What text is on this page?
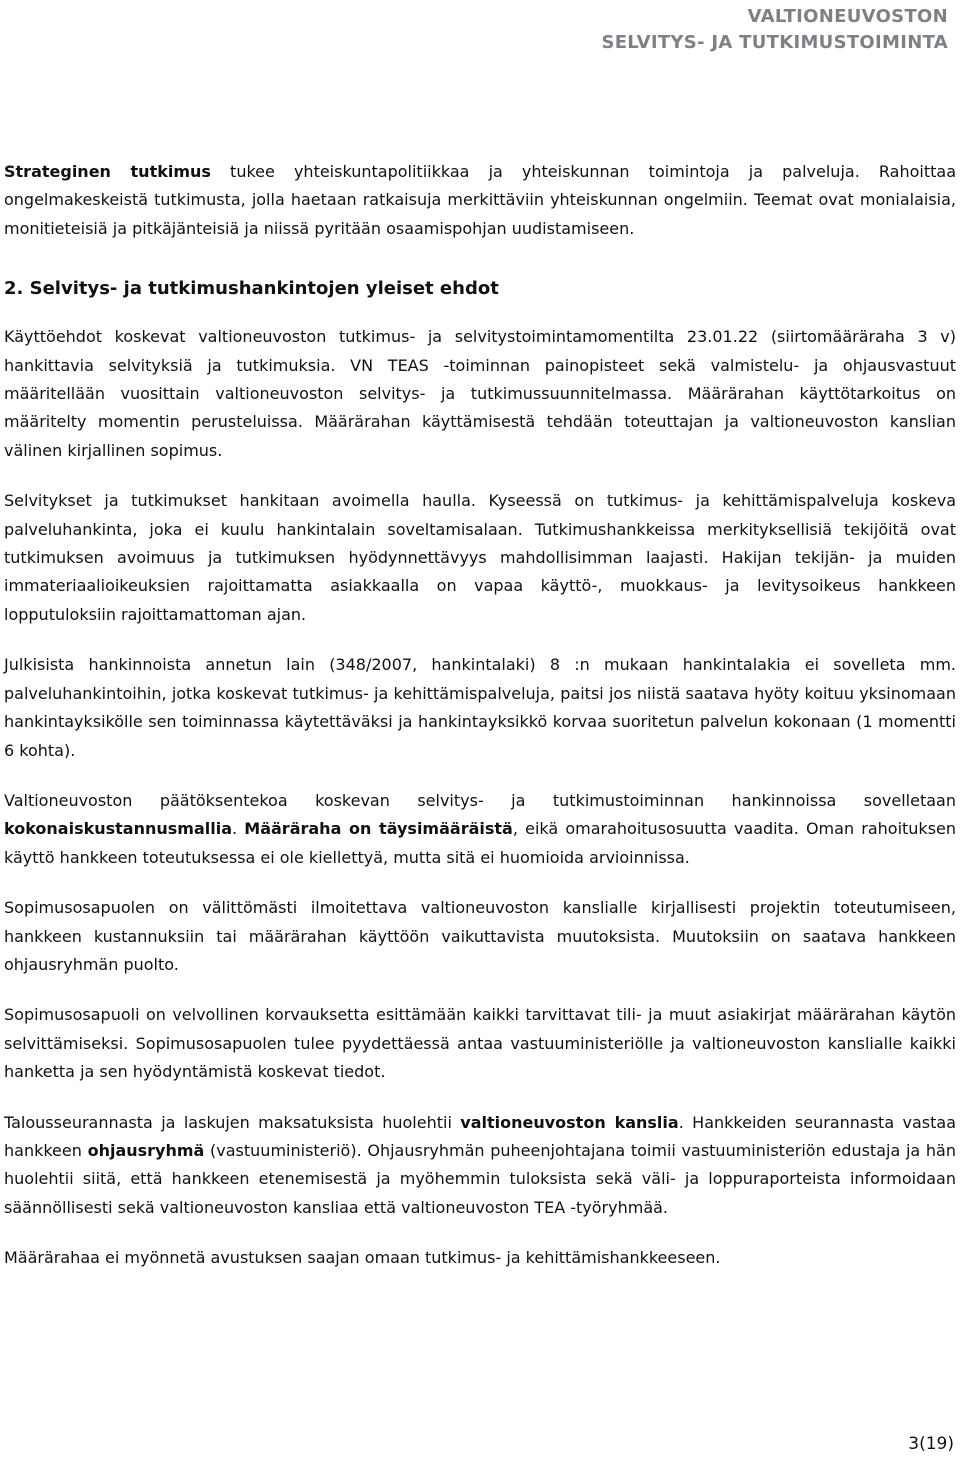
VALTIONEUVOSTON
SELVITYS- JA TUTKIMUSTOIMINTA

Strateginen tutkimus tukee yhteiskuntapolitiikkaa ja yhteiskunnan toimintoja ja palveluja. Rahoittaa ongelmakeskeistä tutkimusta, jolla haetaan ratkaisuja merkittäviin yhteiskunnan ongelmiin. Teemat ovat monialaisia, monitieteisiä ja pitkäjänteisiä ja niissä pyritään osaamispohjan uudistamiseen.

2. Selvitys- ja tutkimushankintojen yleiset ehdot

Käyttöehdot koskevat valtioneuvoston tutkimus- ja selvitystoimintamomentilta 23.01.22 (siirtomääräraha 3 v) hankittavia selvityksiä ja tutkimuksia. VN TEAS -toiminnan painopisteet sekä valmistelu- ja ohjausvastuut määritellään vuosittain valtioneuvoston selvitys- ja tutkimussuunnitelmassa. Määrärahan käyttötarkoitus on määritelty momentin perusteluissa. Määrärahan käyttämisestä tehdään toteuttajan ja valtioneuvoston kanslian välinen kirjallinen sopimus.

Selvitykset ja tutkimukset hankitaan avoimella haulla. Kyseessä on tutkimus- ja kehittämispalveluja koskeva palveluhankinta, joka ei kuulu hankintalain soveltamisalaan. Tutkimushankkeissa merkityksellisiä tekijöitä ovat tutkimuksen avoimuus ja tutkimuksen hyödynnettävyys mahdollisimman laajasti. Hakijan tekijän- ja muiden immateriaalioikeuksien rajoittamatta asiakkaalla on vapaa käyttö-, muokkaus- ja levitysoikeus hankkeen lopputuloksiin rajoittamattoman ajan.

Julkisista hankinnoista annetun lain (348/2007, hankintalaki) 8 :n mukaan hankintalakia ei sovelleta mm. palveluhankintoihin, jotka koskevat tutkimus- ja kehittämispalveluja, paitsi jos niistä saatava hyöty koituu yksinomaan hankintayksikölle sen toiminnassa käytettäväksi ja hankintayksikkö korvaa suoritetun palvelun kokonaan (1 momentti 6 kohta).

Valtioneuvoston päätöksentekoa koskevan selvitys- ja tutkimustoiminnan hankinnoissa sovelletaan kokonaiskustannusmallia. Määräraha on täysimääräistä, eikä omarahoitusosuutta vaadita. Oman rahoituksen käyttö hankkeen toteutuksessa ei ole kiellettyä, mutta sitä ei huomioida arvioinnissa.

Sopimusosapuolen on välittömästi ilmoitettava valtioneuvoston kanslialle kirjallisesti projektin toteutumiseen, hankkeen kustannuksiin tai määrärahan käyttöön vaikuttavista muutoksista. Muutoksiin on saatava hankkeen ohjausryhmän puolto.

Sopimusosapuoli on velvollinen korvauksetta esittämään kaikki tarvittavat tili- ja muut asiakirjat määrärahan käytön selvittämiseksi. Sopimusosapuolen tulee pyydettäessä antaa vastuuministeriölle ja valtioneuvoston kanslialle kaikki hanketta ja sen hyödyntämistä koskevat tiedot.

Talousseurannasta ja laskujen maksatuksista huolehtii valtioneuvoston kanslia. Hankkeiden seurannasta vastaa hankkeen ohjausryhmä (vastuuministeriö). Ohjausryhmän puheenjohtajana toimii vastuuministeriön edustaja ja hän huolehtii siitä, että hankkeen etenemisestä ja myöhemmin tuloksista sekä väli- ja loppuraporteista informoidaan säännöllisesti sekä valtioneuvoston kansliaa että valtioneuvoston TEA -työryhmää.

Määrärahaa ei myönnetä avustuksen saajan omaan tutkimus- ja kehittämishankkeeseen.

3(19)
